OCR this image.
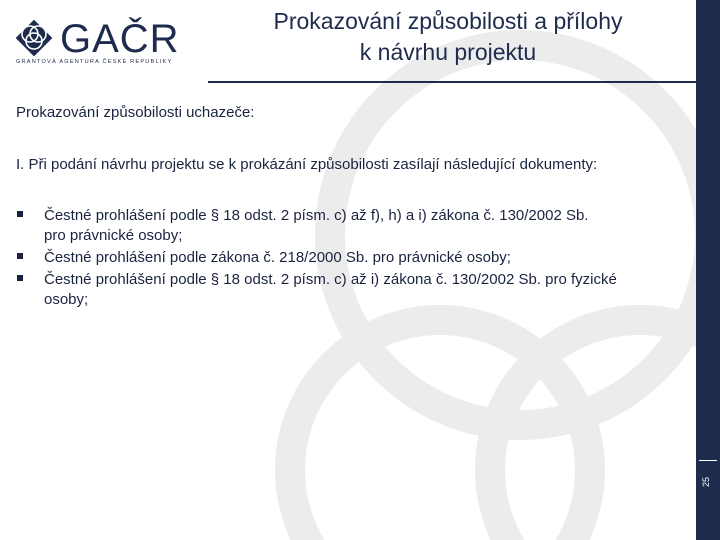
GAČR
GRANTOVÁ AGENTURA ČESKÉ REPUBLIKY
Prokazování způsobilosti a přílohy
k návrhu projektu
25
Prokazování způsobilosti uchazeče:
I. Při podání návrhu projektu se k prokázání způsobilosti zasílají následující dokumenty:
Čestné prohlášení podle § 18 odst. 2 písm. c) až f), h) a i) zákona č. 130/2002 Sb.
pro právnické osoby;
Čestné prohlášení podle zákona č. 218/2000 Sb. pro právnické osoby;
Čestné prohlášení podle § 18 odst. 2 písm. c) až i) zákona č. 130/2002 Sb. pro fyzické
osoby;
